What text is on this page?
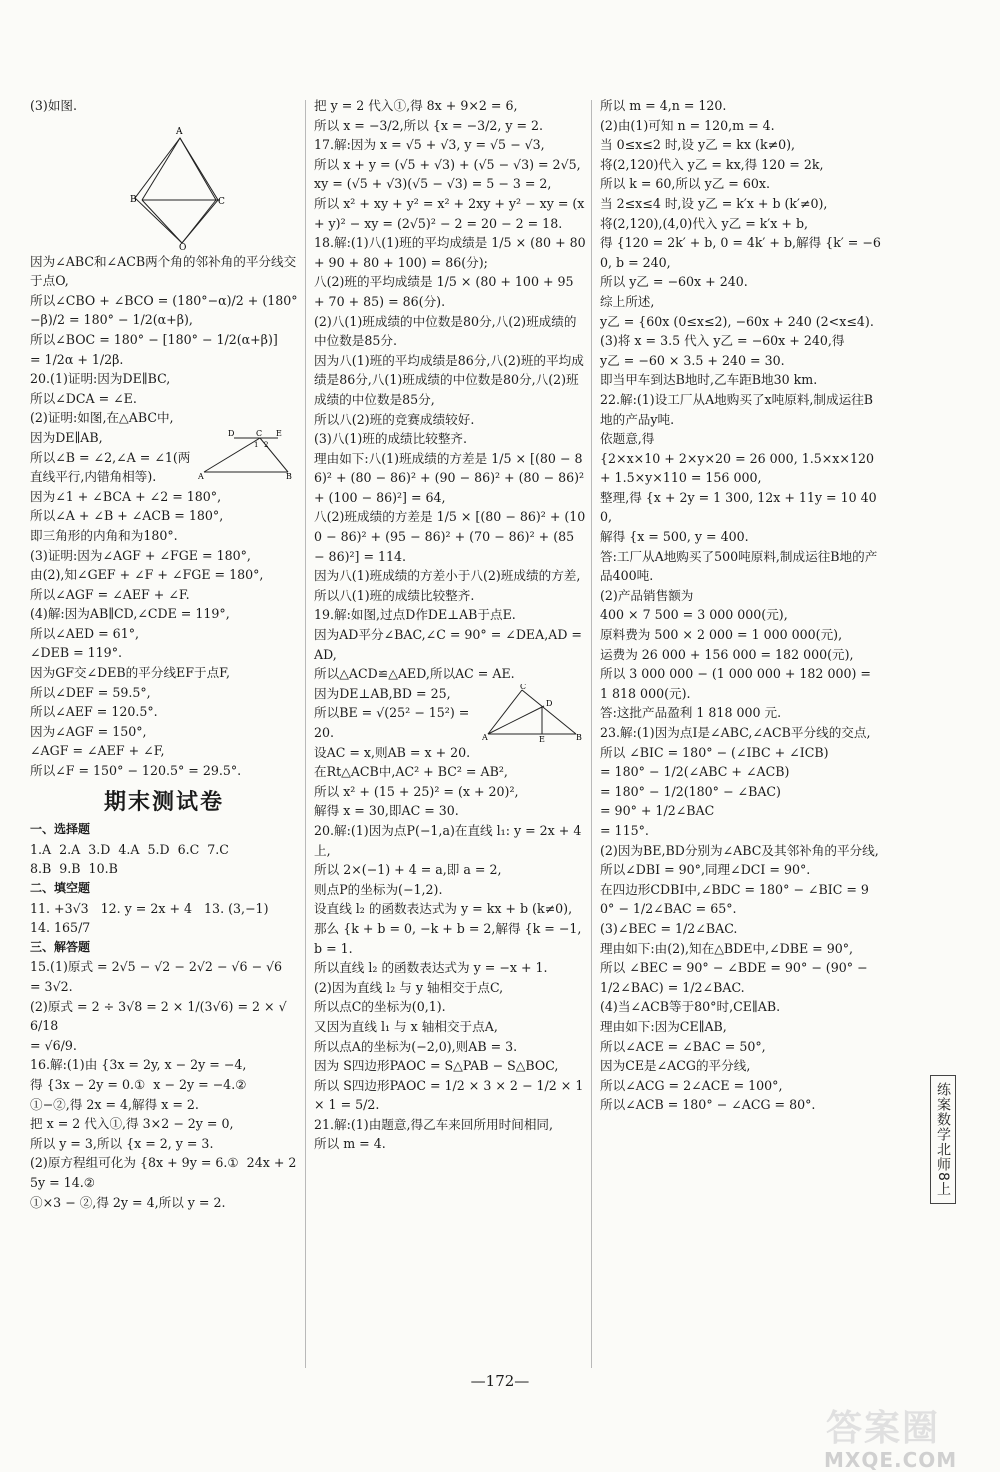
(3)如图.

A
B	C
O

因为∠ABC和∠ACB两个角的邻补角的平分线交于点O,

所以∠CBO + ∠BCO = (180°−α)/2 + (180°−β)/2 = 180° − 1/2(α+β),

所以∠BOC = 180° − [180° − 1/2(α+β)]

= 1/2α + 1/2β.

20.(1)证明:因为DE∥BC,

所以∠DCA = ∠E.

(2)证明:如图,在△ABC中,

A	B
C E
D
1 2

因为DE∥AB,

所以∠B = ∠2,∠A = ∠1(两直线平行,内错角相等).

因为∠1 + ∠BCA + ∠2 = 180°,

所以∠A + ∠B + ∠ACB = 180°,

即三角形的内角和为180°.

(3)证明:因为∠AGF + ∠FGE = 180°,

由(2),知∠GEF + ∠F + ∠FGE = 180°,

所以∠AGF = ∠AEF + ∠F.

(4)解:因为AB∥CD,∠CDE = 119°,

所以∠AED = 61°,

∠DEB = 119°.

因为GF交∠DEB的平分线EF于点F,

所以∠DEF = 59.5°,

所以∠AEF = 120.5°.

因为∠AGF = 150°,

∠AGF = ∠AEF + ∠F,

所以∠F = 150° − 120.5° = 29.5°.

期末测试卷

一、选择题

1.A  2.A  3.D  4.A  5.D  6.C  7.C

8.B  9.B  10.B

二、填空题

11. +3√3   12. y = 2x + 4   13. (3,−1)

14. 165/7

三、解答题

15.(1)原式 = 2√5 − √2 − 2√2 − √6 − √6

= 3√2.

(2)原式 = 2 ÷ 3√8 = 2 × 1/(3√6) = 2 × √6/18

= √6/9.

16.解:(1)由 {3x = 2y, x − 2y = −4,

得 {3x − 2y = 0.①  x − 2y = −4.②

①−②,得 2x = 4,解得 x = 2.

把 x = 2 代入①,得 3×2 − 2y = 0,

所以 y = 3,所以 {x = 2, y = 3.

(2)原方程组可化为 {8x + 9y = 6.①  24x + 25y = 14.②

①×3 − ②,得 2y = 4,所以 y = 2.

把 y = 2 代入①,得 8x + 9×2 = 6,

所以 x = −3/2,所以 {x = −3/2, y = 2.

17.解:因为 x = √5 + √3, y = √5 − √3,

所以 x + y = (√5 + √3) + (√5 − √3) = 2√5, xy = (√5 + √3)(√5 − √3) = 5 − 3 = 2,

所以 x² + xy + y² = x² + 2xy + y² − xy = (x + y)² − xy = (2√5)² − 2 = 20 − 2 = 18.

18.解:(1)八(1)班的平均成绩是 1/5 × (80 + 80 + 90 + 80 + 100) = 86(分);

八(2)班的平均成绩是 1/5 × (80 + 100 + 95 + 70 + 85) = 86(分).

(2)八(1)班成绩的中位数是80分,八(2)班成绩的中位数是85分.

因为八(1)班的平均成绩是86分,八(2)班的平均成绩是86分,八(1)班成绩的中位数是80分,八(2)班成绩的中位数是85分,

所以八(2)班的竞赛成绩较好.

(3)八(1)班的成绩比较整齐.

理由如下:八(1)班成绩的方差是 1/5 × [(80 − 86)² + (80 − 86)² + (90 − 86)² + (80 − 86)² + (100 − 86)²] = 64,

八(2)班成绩的方差是 1/5 × [(80 − 86)² + (100 − 86)² + (95 − 86)² + (70 − 86)² + (85 − 86)²] = 114.

因为八(1)班成绩的方差小于八(2)班成绩的方差,

所以八(1)班的成绩比较整齐.

19.解:如图,过点D作DE⊥AB于点E.

因为AD平分∠BAC,∠C = 90° = ∠DEA,AD = AD,

所以△ACD≌△AED,所以AC = AE.

A	B
C
D
E

因为DE⊥AB,BD = 25,

所以BE = √(25² − 15²) = 20.

设AC = x,则AB = x + 20.

在Rt△ACB中,AC² + BC² = AB²,

所以 x² + (15 + 25)² = (x + 20)²,

解得 x = 30,即AC = 30.

20.解:(1)因为点P(−1,a)在直线 l₁: y = 2x + 4 上,

所以 2×(−1) + 4 = a,即 a = 2,

则点P的坐标为(−1,2).

设直线 l₂ 的函数表达式为 y = kx + b (k≠0),

那么 {k + b = 0, −k + b = 2,解得 {k = −1, b = 1.

所以直线 l₂ 的函数表达式为 y = −x + 1.

(2)因为直线 l₂ 与 y 轴相交于点C,

所以点C的坐标为(0,1).

又因为直线 l₁ 与 x 轴相交于点A,

所以点A的坐标为(−2,0),则AB = 3.

因为 S四边形PAOC = S△PAB − S△BOC,

所以 S四边形PAOC = 1/2 × 3 × 2 − 1/2 × 1 × 1 = 5/2.

21.解:(1)由题意,得乙车来回所用时间相同,

所以 m = 4.

所以 m = 4,n = 120.

(2)由(1)可知 n = 120,m = 4.

当 0≤x≤2 时,设 y乙 = kx (k≠0),

将(2,120)代入 y乙 = kx,得 120 = 2k,

所以 k = 60,所以 y乙 = 60x.

当 2≤x≤4 时,设 y乙 = k′x + b (k′≠0),

将(2,120),(4,0)代入 y乙 = k′x + b,

得 {120 = 2k′ + b, 0 = 4k′ + b,解得 {k′ = −60, b = 240,

所以 y乙 = −60x + 240.

综上所述,

y乙 = {60x (0≤x≤2), −60x + 240 (2<x≤4).

(3)将 x = 3.5 代入 y乙 = −60x + 240,得

y乙 = −60 × 3.5 + 240 = 30.

即当甲车到达B地时,乙车距B地30 km.

22.解:(1)设工厂从A地购买了x吨原料,制成运往B地的产品y吨.

依题意,得

{2×x×10 + 2×y×20 = 26 000, 1.5×x×120 + 1.5×y×110 = 156 000,

整理,得 {x + 2y = 1 300, 12x + 11y = 10 400,

解得 {x = 500, y = 400.

答:工厂从A地购买了500吨原料,制成运往B地的产品400吨.

(2)产品销售额为

400 × 7 500 = 3 000 000(元),

原料费为 500 × 2 000 = 1 000 000(元),

运费为 26 000 + 156 000 = 182 000(元),

所以 3 000 000 − (1 000 000 + 182 000) = 1 818 000(元).

答:这批产品盈利 1 818 000 元.

23.解:(1)因为点I是∠ABC,∠ACB平分线的交点,

所以 ∠BIC = 180° − (∠IBC + ∠ICB)

= 180° − 1/2(∠ABC + ∠ACB)

= 180° − 1/2(180° − ∠BAC)

= 90° + 1/2∠BAC

= 115°.

(2)因为BE,BD分别为∠ABC及其邻补角的平分线,

所以∠DBI = 90°,同理∠DCI = 90°.

在四边形CDBI中,∠BDC = 180° − ∠BIC = 90° − 1/2∠BAC = 65°.

(3)∠BEC = 1/2∠BAC.

理由如下:由(2),知在△BDE中,∠DBE = 90°,

所以 ∠BEC = 90° − ∠BDE = 90° − (90° − 1/2∠BAC) = 1/2∠BAC.

(4)当∠ACB等于80°时,CE∥AB.

理由如下:因为CE∥AB,

所以∠ACE = ∠BAC = 50°,

因为CE是∠ACG的平分线,

所以∠ACG = 2∠ACE = 100°,

所以∠ACB = 180° − ∠ACG = 80°.	练案数学北师8上
—172—
答案圈
MXQE.COM
